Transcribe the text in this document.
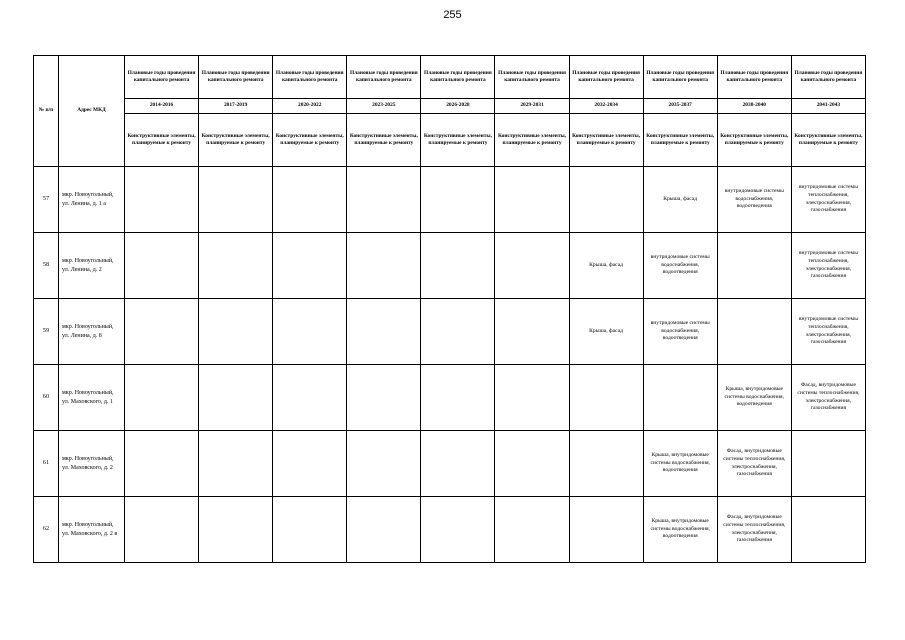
255
№ п/п	Адрес МКД	Плановые годы проведения капитального ремонта	Плановые годы проведения капитального ремонта	Плановые годы проведения капитального ремонта	Плановые годы проведения капитального ремонта	Плановые годы проведения капитального ремонта	Плановые годы проведения капитального ремонта	Плановые годы проведения капитального ремонта	Плановые годы проведения капитального ремонта	Плановые годы проведения капитального ремонта	Плановые годы проведения капитального ремонта
		2014-2016	2017-2019	2020-2022	2023-2025	2026-2028	2029-2031	2032-2034	2035-2037	2038-2040	2041-2043
		Конструктивные элементы, планируемые к ремонту	Конструктивные элементы, планируемые к ремонту	Конструктивные элементы, планируемые к ремонту	Конструктивные элементы, планируемые к ремонту	Конструктивные элементы, планируемые к ремонту	Конструктивные элементы, планируемые к ремонту	Конструктивные элементы, планируемые к ремонту	Конструктивные элементы, планируемые к ремонту	Конструктивные элементы, планируемые к ремонту	Конструктивные элементы, планируемые к ремонту
57	мкр. Новоугольный, ул. Ленина, д. 1 а								Крыша, фасад	внутридомовые системы водоснабжения, водоотведения	внутридомовые системы теплоснабжения, электроснабжения, газоснабжения
58	мкр. Новоугольный, ул. Ленина, д. 2							Крыша, фасад	внутридомовые системы водоснабжения, водоотведения		внутридомовые системы теплоснабжения, электроснабжения, газоснабжения
59	мкр. Новоугольный, ул. Ленина, д. 8							Крыша, фасад	внутридомовые системы водоснабжения, водоотведения		внутридомовые системы теплоснабжения, электроснабжения, газоснабжения
60	мкр. Новоугольный, ул. Маховского, д. 1									Крыша, внутридомовые системы водоснабжения, водоотведения	Фасад, внутридомовые системы теплоснабжения, электроснабжения, газоснабжения
61	мкр. Новоугольный, ул. Маховского, д. 2								Крыша, внутридомовые системы водоснабжения, водоотведения	Фасад, внутридомовые системы теплоснабжения, электроснабжения, газоснабжения	
62	мкр. Новоугольный, ул. Маховского, д. 2 в								Крыша, внутридомовые системы водоснабжения, водоотведения	Фасад, внутридомовые системы теплоснабжения, электроснабжения, газоснабжения	
